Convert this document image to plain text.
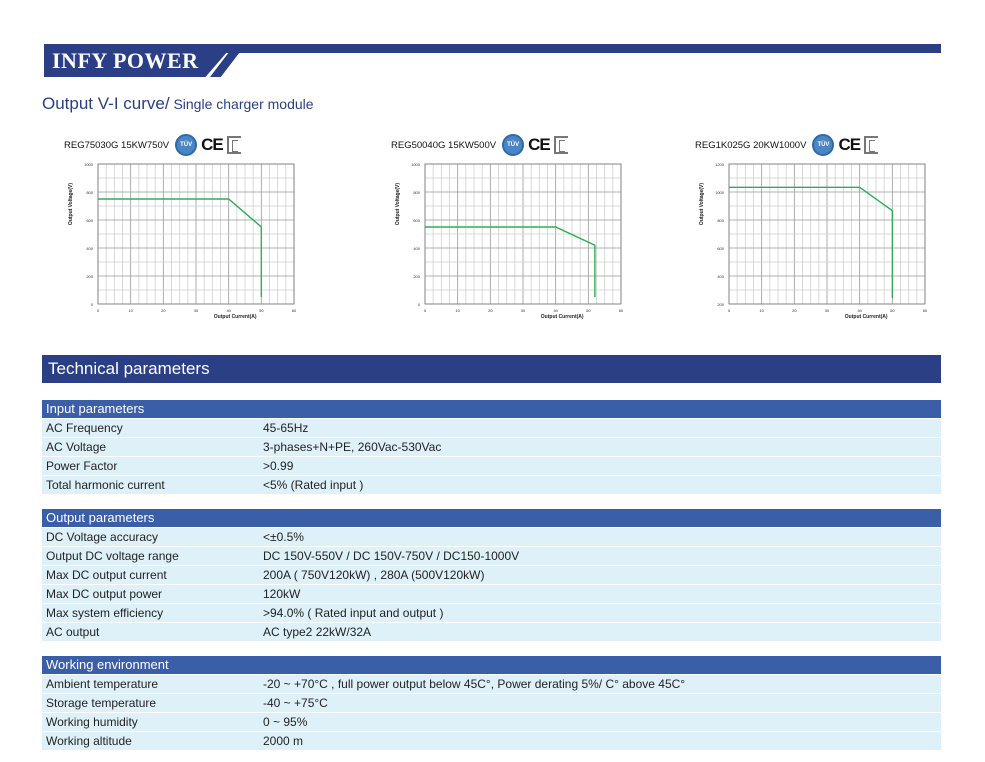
INFY POWER
Output V-I curve/ Single charger module
REG75030G 15KW750V	TÜV CE
1000
800
600
400
200
0
0	10	20	30	40	50	60
Output Current(A)
Output Voltage(V)
REG50040G 15KW500V	TÜV CE
1000
800
600
400
200
0
0	10	20	30	40	50	60
Output Current(A)
Output Voltage(V)
REG1K025G 20KW1000V	TÜV CE
1200
1000
800
600
400
200
0	10	20	30	40	50	60
Output Current(A)
Output Voltage(V)
Technical parameters
Input parameters
AC Frequency	45-65Hz
AC Voltage	3-phases+N+PE, 260Vac-530Vac
Power Factor	>0.99
Total harmonic current	<5% (Rated input )
Output parameters
DC Voltage accuracy	<±0.5%
Output DC voltage range	DC 150V-550V / DC 150V-750V / DC150-1000V
Max DC output current	200A ( 750V120kW) , 280A (500V120kW)
Max DC output power	120kW
Max system efficiency	>94.0% ( Rated input and output )
AC output	AC type2 22kW/32A
Working environment
Ambient temperature	-20 ~ +70°C , full power output below 45C°, Power derating 5%/ C° above 45C°
Storage temperature	-40 ~ +75°C
Working humidity	0 ~ 95%
Working altitude	2000 m
